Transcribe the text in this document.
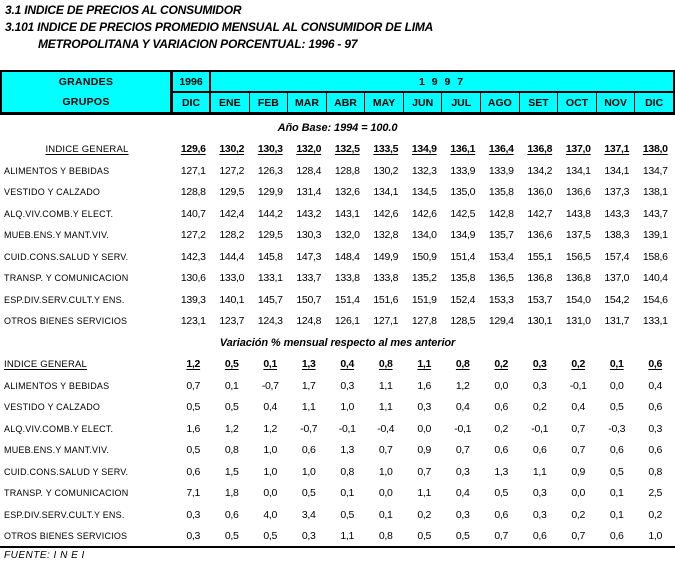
3.1 INDICE DE PRECIOS AL CONSUMIDOR
3.101 INDICE DE PRECIOS PROMEDIO MENSUAL AL CONSUMIDOR DE LIMA
METROPOLITANA Y VARIACION PORCENTUAL: 1996 - 97
GRANDES
GRUPOS
1996	1 9 9 7
DIC	ENE	FEB	MAR	ABR	MAY	JUN	JUL	AGO	SET	OCT	NOV	DIC
Año Base: 1994 = 100.0
INDICE GENERAL	129,6	130,2	130,3	132,0	132,5	133,5	134,9	136,1	136,4	136,8	137,0	137,1	138,0
ALIMENTOS Y BEBIDAS	127,1	127,2	126,3	128,4	128,8	130,2	132,3	133,9	133,9	134,2	134,1	134,1	134,7
VESTIDO Y CALZADO	128,8	129,5	129,9	131,4	132,6	134,1	134,5	135,0	135,8	136,0	136,6	137,3	138,1
ALQ.VIV.COMB.Y ELECT.	140,7	142,4	144,2	143,2	143,1	142,6	142,6	142,5	142,8	142,7	143,8	143,3	143,7
MUEB.ENS.Y MANT.VIV.	127,2	128,2	129,5	130,3	132,0	132,8	134,0	134,9	135,7	136,6	137,5	138,3	139,1
CUID.CONS.SALUD Y SERV.	142,3	144,4	145,8	147,3	148,4	149,9	150,9	151,4	153,4	155,1	156,5	157,4	158,6
TRANSP. Y COMUNICACION	130,6	133,0	133,1	133,7	133,8	133,8	135,2	135,8	136,5	136,8	136,8	137,0	140,4
ESP.DIV.SERV.CULT.Y ENS.	139,3	140,1	145,7	150,7	151,4	151,6	151,9	152,4	153,3	153,7	154,0	154,2	154,6
OTROS BIENES SERVICIOS	123,1	123,7	124,3	124,8	126,1	127,1	127,8	128,5	129,4	130,1	131,0	131,7	133,1
Variación % mensual respecto al mes anterior
INDICE GENERAL	1,2	0,5	0,1	1,3	0,4	0,8	1,1	0,8	0,2	0,3	0,2	0,1	0,6
ALIMENTOS Y BEBIDAS	0,7	0,1	-0,7	1,7	0,3	1,1	1,6	1,2	0,0	0,3	-0,1	0,0	0,4
VESTIDO Y CALZADO	0,5	0,5	0,4	1,1	1,0	1,1	0,3	0,4	0,6	0,2	0,4	0,5	0,6
ALQ.VIV.COMB.Y ELECT.	1,6	1,2	1,2	-0,7	-0,1	-0,4	0,0	-0,1	0,2	-0,1	0,7	-0,3	0,3
MUEB.ENS.Y MANT.VIV.	0,5	0,8	1,0	0,6	1,3	0,7	0,9	0,7	0,6	0,6	0,7	0,6	0,6
CUID.CONS.SALUD Y SERV.	0,6	1,5	1,0	1,0	0,8	1,0	0,7	0,3	1,3	1,1	0,9	0,5	0,8
TRANSP. Y COMUNICACION	7,1	1,8	0,0	0,5	0,1	0,0	1,1	0,4	0,5	0,3	0,0	0,1	2,5
ESP.DIV.SERV.CULT.Y ENS.	0,3	0,6	4,0	3,4	0,5	0,1	0,2	0,3	0,6	0,3	0,2	0,1	0,2
OTROS BIENES SERVICIOS	0,3	0,5	0,5	0,3	1,1	0,8	0,5	0,5	0,7	0,6	0,7	0,6	1,0
FUENTE: I N E I
